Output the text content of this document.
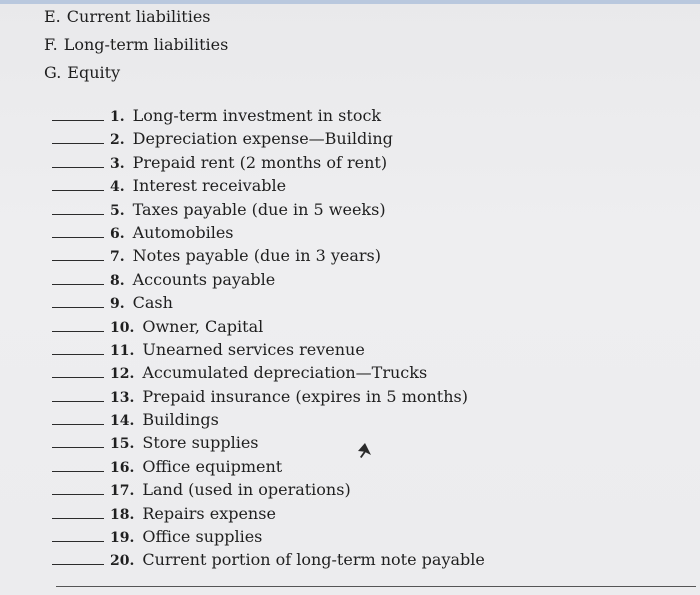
E. Current liabilities
F. Long-term liabilities
G. Equity
1. Long-term investment in stock
2. Depreciation expense—Building
3. Prepaid rent (2 months of rent)
4. Interest receivable
5. Taxes payable (due in 5 weeks)
6. Automobiles
7. Notes payable (due in 3 years)
8. Accounts payable
9. Cash
10. Owner, Capital
11. Unearned services revenue
12. Accumulated depreciation—Trucks
13. Prepaid insurance (expires in 5 months)
14. Buildings
15. Store supplies
16. Office equipment
17. Land (used in operations)
18. Repairs expense
19. Office supplies
20. Current portion of long-term note payable
